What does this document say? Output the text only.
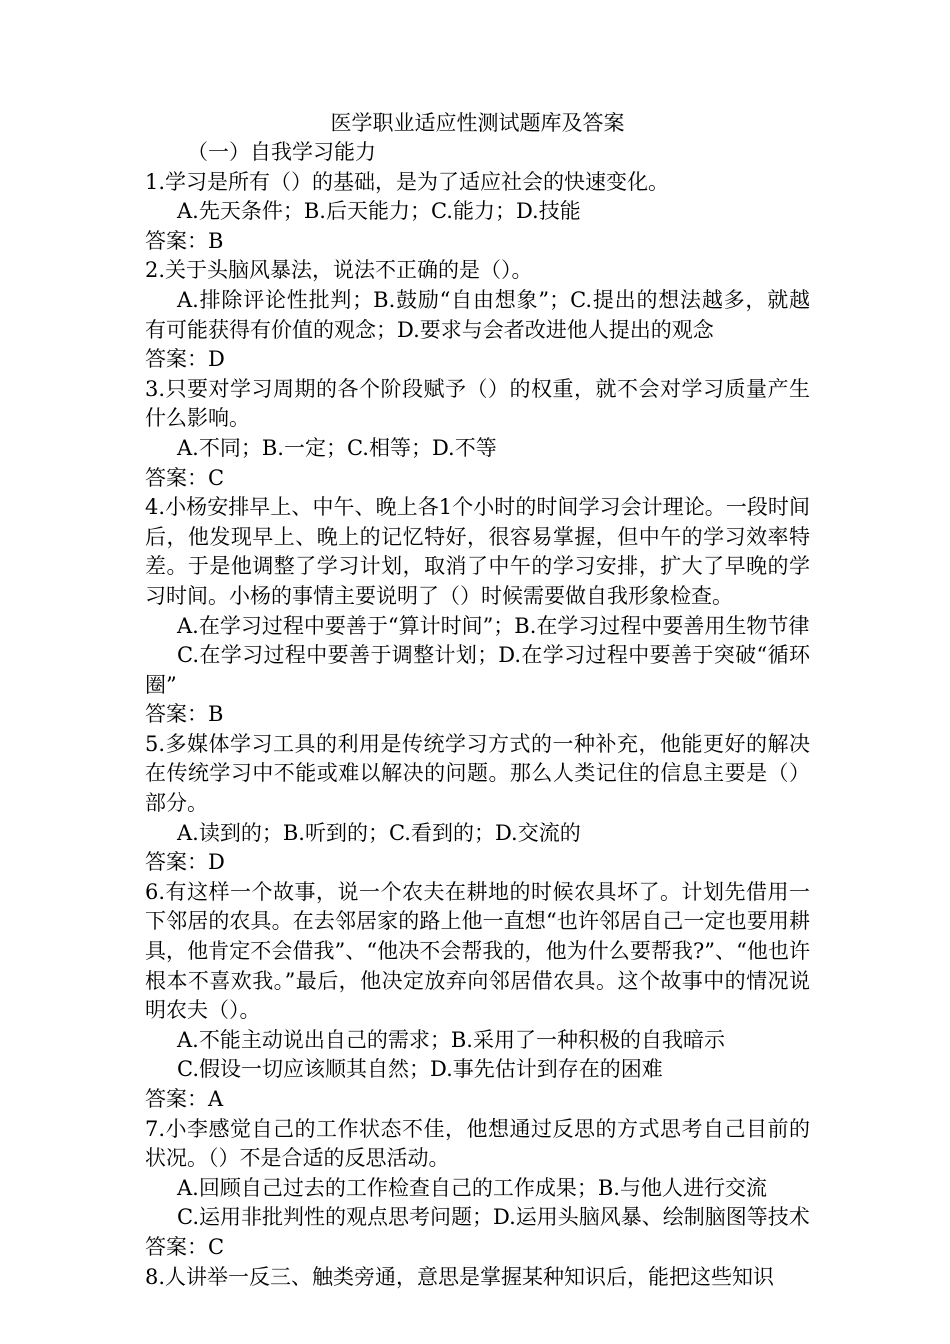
医学职业适应性测试题库及答案
（一）自我学习能力

1.学习是所有（）的基础，是为了适应社会的快速变化。

A.先天条件；B.后天能力；C.能力；D.技能

答案：B

2.关于头脑风暴法，说法不正确的是（）。

A.排除评论性批判；B.鼓励“自由想象”；C.提出的想法越多，就越有可能获得有价值的观念；D.要求与会者改进他人提出的观念

答案：D

3.只要对学习周期的各个阶段赋予（）的权重，就不会对学习质量产生什么影响。

A.不同；B.一定；C.相等；D.不等

答案：C

4.小杨安排早上、中午、晚上各1个小时的时间学习会计理论。一段时间后，他发现早上、晚上的记忆特好，很容易掌握，但中午的学习效率特差。于是他调整了学习计划，取消了中午的学习安排，扩大了早晚的学习时间。小杨的事情主要说明了（）时候需要做自我形象检查。

A.在学习过程中要善于“算计时间”；B.在学习过程中要善用生物节律

C.在学习过程中要善于调整计划；D.在学习过程中要善于突破“循环圈”

答案：B

5.多媒体学习工具的利用是传统学习方式的一种补充，他能更好的解决在传统学习中不能或难以解决的问题。那么人类记住的信息主要是（）部分。

A.读到的；B.听到的；C.看到的；D.交流的

答案：D

6.有这样一个故事，说一个农夫在耕地的时候农具坏了。计划先借用一下邻居的农具。在去邻居家的路上他一直想“也许邻居自己一定也要用耕具，他肯定不会借我”、“他决不会帮我的，他为什么要帮我?”、“他也许根本不喜欢我。”最后，他决定放弃向邻居借农具。这个故事中的情况说明农夫（）。

A.不能主动说出自己的需求；B.采用了一种积极的自我暗示

C.假设一切应该顺其自然；D.事先估计到存在的困难

答案：A

7.小李感觉自己的工作状态不佳，他想通过反思的方式思考自己目前的状况。（）不是合适的反思活动。

A.回顾自己过去的工作检查自己的工作成果；B.与他人进行交流

C.运用非批判性的观点思考问题；D.运用头脑风暴、绘制脑图等技术

答案：C

8.人讲举一反三、触类旁通，意思是掌握某种知识后，能把这些知识
